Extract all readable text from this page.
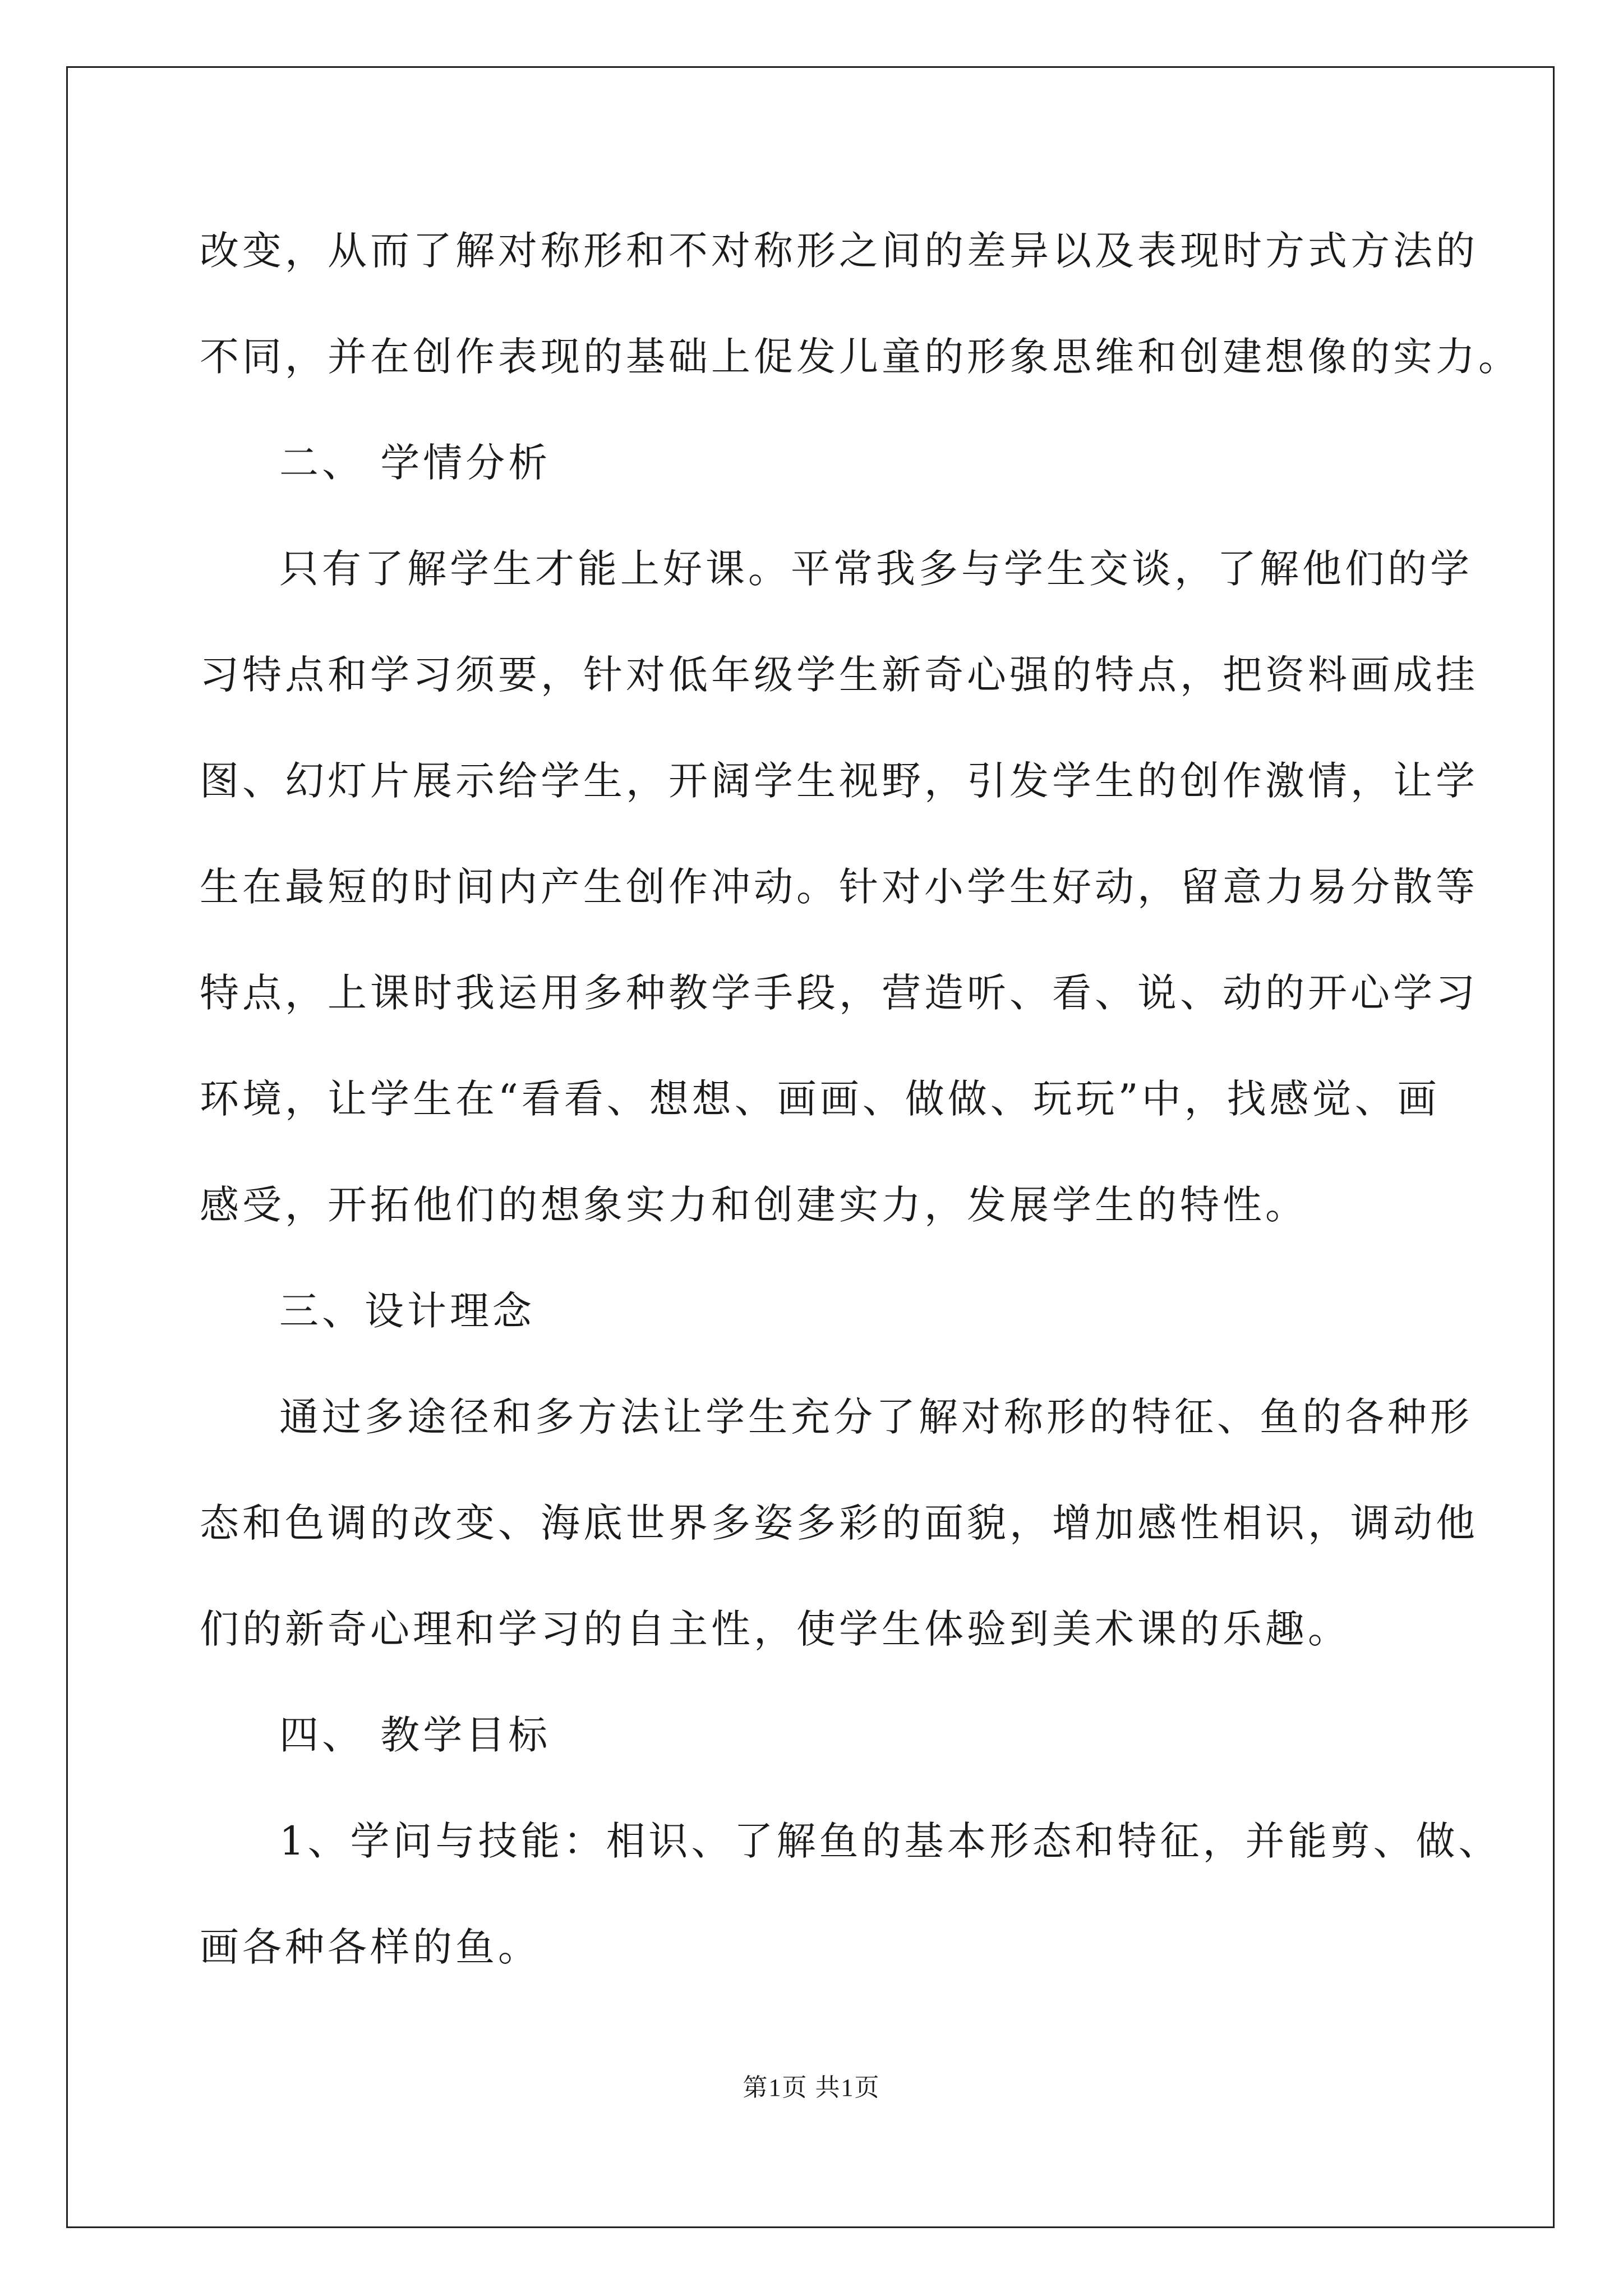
改变，从而了解对称形和不对称形之间的差异以及表现时方式方法的
不同，并在创作表现的基础上促发儿童的形象思维和创建想像的实力。
二、 学情分析
只有了解学生才能上好课。平常我多与学生交谈，了解他们的学
习特点和学习须要，针对低年级学生新奇心强的特点，把资料画成挂
图、幻灯片展示给学生，开阔学生视野，引发学生的创作激情，让学
生在最短的时间内产生创作冲动。针对小学生好动，留意力易分散等
特点，上课时我运用多种教学手段，营造听、看、说、动的开心学习
环境，让学生在“看看、想想、画画、做做、玩玩”中，找感觉、画
感受，开拓他们的想象实力和创建实力，发展学生的特性。
三、设计理念
通过多途径和多方法让学生充分了解对称形的特征、鱼的各种形
态和色调的改变、海底世界多姿多彩的面貌，增加感性相识，调动他
们的新奇心理和学习的自主性，使学生体验到美术课的乐趣。
四、 教学目标
1、学问与技能：相识、了解鱼的基本形态和特征，并能剪、做、
画各种各样的鱼。
第1页 共1页
